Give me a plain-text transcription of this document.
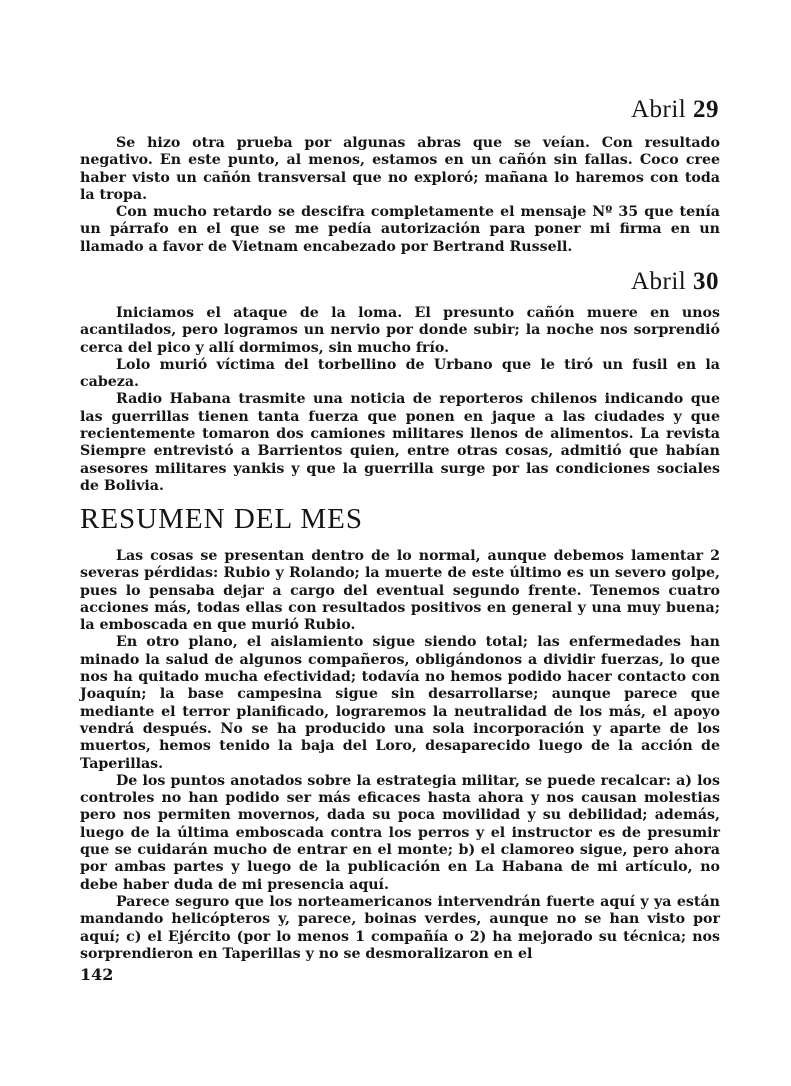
Abril 29

Se hizo otra prueba por algunas abras que se veían. Con resultado negativo. En este punto, al menos, estamos en un cañón sin fallas. Coco cree haber visto un cañón transversal que no exploró; mañana lo haremos con toda la tropa.

Con mucho retardo se descifra completamente el mensaje Nº 35 que tenía un párrafo en el que se me pedía autorización para poner mi firma en un llamado a favor de Vietnam encabezado por Bertrand Russell.

Abril 30

Iniciamos el ataque de la loma. El presunto cañón muere en unos acantilados, pero logramos un nervio por donde subir; la noche nos sorprendió cerca del pico y allí dormimos, sin mucho frío.

Lolo murió víctima del torbellino de Urbano que le tiró un fusil en la cabeza.

Radio Habana trasmite una noticia de reporteros chilenos indicando que las guerrillas tienen tanta fuerza que ponen en jaque a las ciudades y que recientemente tomaron dos camiones militares llenos de alimentos. La revista Siempre entrevistó a Barrientos quien, entre otras cosas, admitió que habían asesores militares yankis y que la guerrilla surge por las condiciones sociales de Bolivia.

RESUMEN DEL MES

Las cosas se presentan dentro de lo normal, aunque debemos lamentar 2 severas pérdidas: Rubio y Rolando; la muerte de este último es un severo golpe, pues lo pensaba dejar a cargo del eventual segundo frente. Tenemos cuatro acciones más, todas ellas con resultados positivos en general y una muy buena; la emboscada en que murió Rubio.

En otro plano, el aislamiento sigue siendo total; las enfermedades han minado la salud de algunos compañeros, obligándonos a dividir fuerzas, lo que nos ha quitado mucha efectividad; todavía no hemos podido hacer contacto con Joaquín; la base campesina sigue sin desarrollarse; aunque parece que mediante el terror planificado, lograremos la neutralidad de los más, el apoyo vendrá después. No se ha producido una sola incorporación y aparte de los muertos, hemos tenido la baja del Loro, desaparecido luego de la acción de Taperillas.

De los puntos anotados sobre la estrategia militar, se puede recalcar: a) los controles no han podido ser más eficaces hasta ahora y nos causan molestias pero nos permiten movernos, dada su poca movilidad y su debilidad; además, luego de la última emboscada contra los perros y el instructor es de presumir que se cuidarán mucho de entrar en el monte; b) el clamoreo sigue, pero ahora por ambas partes y luego de la publicación en La Habana de mi artículo, no debe haber duda de mi presencia aquí.

Parece seguro que los norteamericanos intervendrán fuerte aquí y ya están mandando helicópteros y, parece, boinas verdes, aunque no se han visto por aquí; c) el Ejército (por lo menos 1 compañía o 2) ha mejorado su técnica; nos sorprendieron en Taperillas y no se desmoralizaron en el

142
